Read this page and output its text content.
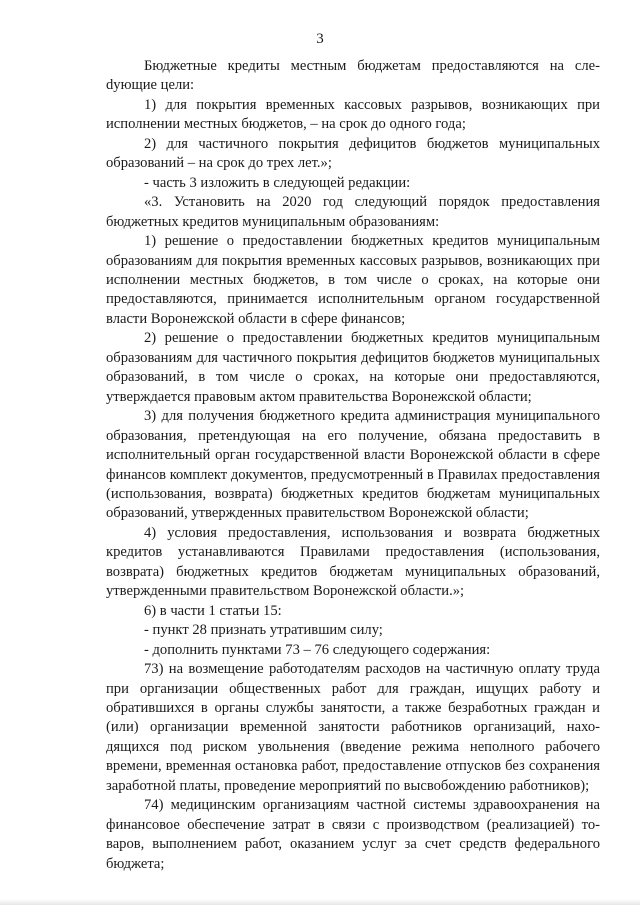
3

Бюджетные кредиты местным бюджетам предоставляются на слеdующие цели:

1) для покрытия временных кассовых разрывов, возникающих при исполнении местных бюджетов, – на срок до одного года;

2) для частичного покрытия дефицитов бюджетов муниципальных образований – на срок до трех лет.»;

- часть 3 изложить в следующей редакции:

«3. Установить на 2020 год следующий порядок предоставления бюджетных кредитов муниципальным образованиям:

1) решение о предоставлении бюджетных кредитов муниципальным образованиям для покрытия временных кассовых разрывов, возникающих при исполнении местных бюджетов, в том числе о сроках, на которые они предоставляются, принимается исполнительным органом государственной власти Воронежской области в сфере финансов;

2) решение о предоставлении бюджетных кредитов муниципальным образованиям для частичного покрытия дефицитов бюджетов муниципальных образований, в том числе о сроках, на которые они предоставляются, утверждается правовым актом правительства Воронежской области;

3) для получения бюджетного кредита администрация муниципального образования, претендующая на его получение, обязана предоставить в исполнительный орган государственной власти Воронежской области в сфере финансов комплект документов, предусмотренный в Правилах предоставления (использования, возврата) бюджетных кредитов бюджетам муниципальных образований, утвержденных правительством Воронежской области;

4) условия предоставления, использования и возврата бюджетных кредитов устанавливаются Правилами предоставления (использования, возврата) бюджетных кредитов бюджетам муниципальных образований, утвержденными правительством Воронежской области.»;

6) в части 1 статьи 15:

- пункт 28 признать утратившим силу;

- дополнить пунктами 73 – 76 следующего содержания:

73) на возмещение работодателям расходов на частичную оплату труда при организации общественных работ для граждан, ищущих работу и обратившихся в органы службы занятости, а также безработных граждан и (или) организации временной занятости работников организаций, находящихся под риском увольнения (введение режима неполного рабочего времени, временная остановка работ, предоставление отпусков без сохранения заработной платы, проведение мероприятий по высвобождению работников);

74) медицинским организациям частной системы здравоохранения на финансовое обеспечение затрат в связи с производством (реализацией) товаров, выполнением работ, оказанием услуг за счет средств федерального бюджета;
